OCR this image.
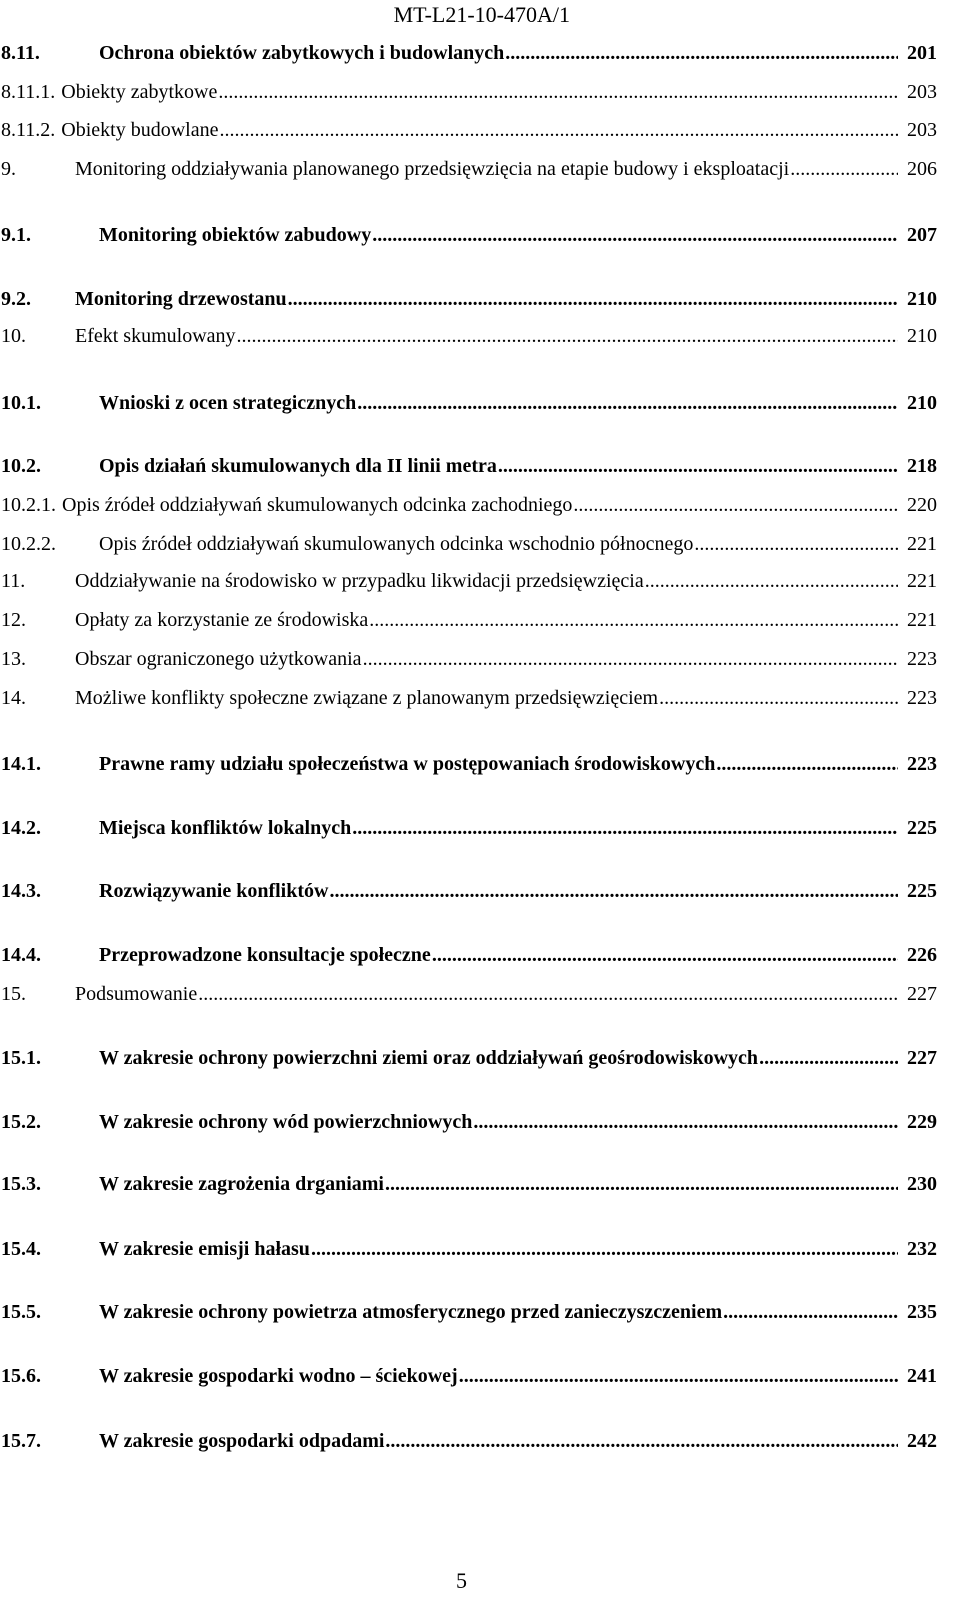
MT-L21-10-470A/1
8.11.	Ochrona obiektów zabytkowych i budowlanych .....	201
8.11.1. Obiekty zabytkowe .....	203
8.11.2. Obiekty budowlane .....	203
9.	Monitoring oddziaływania planowanego przedsięwzięcia na etapie budowy i eksploatacji .....	206
9.1.	Monitoring obiektów zabudowy .....	207
9.2. Monitoring drzewostanu .....	210
10. Efekt skumulowany .....	210
10.1.	Wnioski z ocen strategicznych .....	210
10.2.	Opis działań skumulowanych dla II linii metra .....	218
10.2.1. Opis źródeł oddziaływań skumulowanych odcinka zachodniego .....	220
10.2.2. Opis źródeł oddziaływań skumulowanych odcinka wschodnio północnego .....	221
11. Oddziaływanie na środowisko w przypadku likwidacji przedsięwzięcia .....	221
12. Opłaty za korzystanie ze środowiska .....	221
13. Obszar ograniczonego użytkowania .....	223
14. Możliwe konflikty społeczne związane z planowanym przedsięwzięciem .....	223
14.1.	Prawne ramy udziału społeczeństwa w postępowaniach środowiskowych .....	223
14.2.	Miejsca konfliktów lokalnych .....	225
14.3.	Rozwiązywanie konfliktów .....	225
14.4.	Przeprowadzone konsultacje społeczne .....	226
15. Podsumowanie .....	227
15.1.	W zakresie ochrony powierzchni ziemi oraz oddziaływań geośrodowiskowych .....	227
15.2.	W zakresie ochrony wód powierzchniowych .....	229
15.3.	W zakresie zagrożenia drganiami .....	230
15.4.	W zakresie emisji hałasu .....	232
15.5.	W zakresie ochrony powietrza atmosferycznego przed zanieczyszczeniem .....	235
15.6.	W zakresie gospodarki wodno – ściekowej .....	241
15.7.	W zakresie gospodarki odpadami .....	242
5
